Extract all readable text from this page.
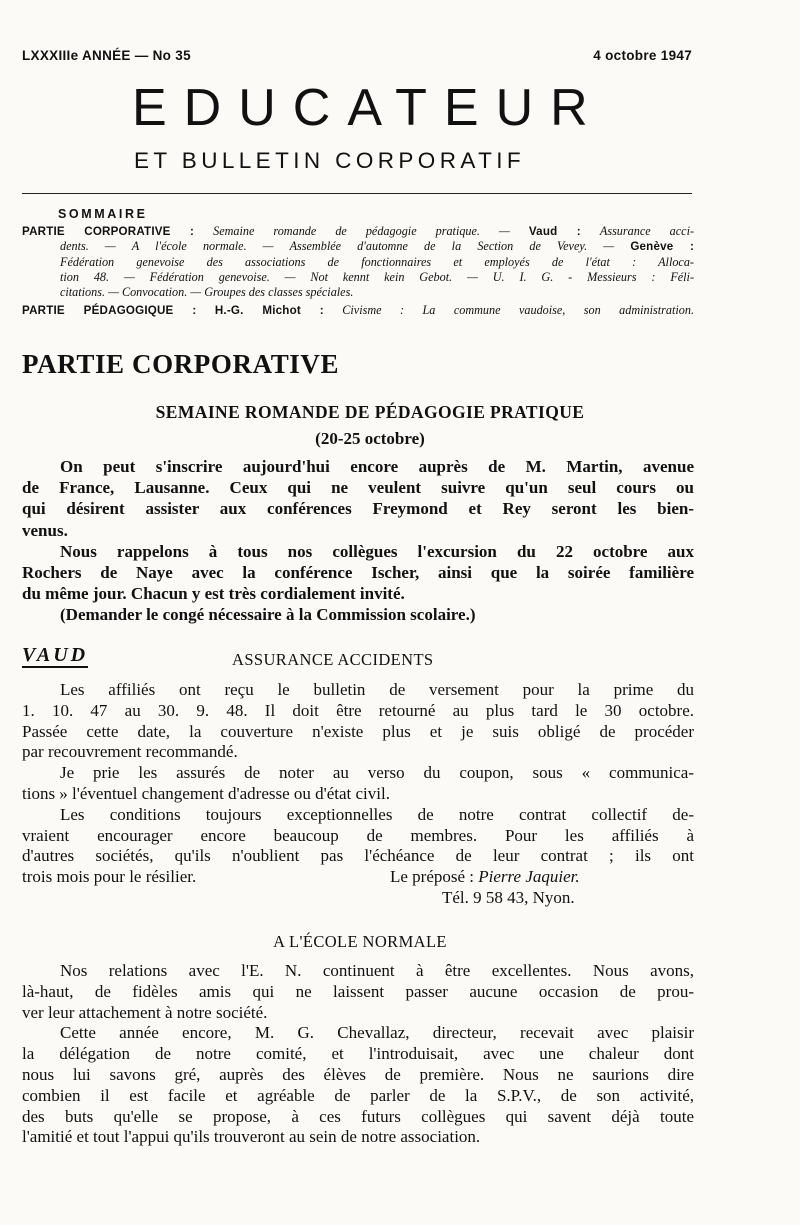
LXXXIIIe ANNÉE — No 35	4 octobre 1947
EDUCATEUR
ET BULLETIN CORPORATIF
SOMMAIRE

PARTIE CORPORATIVE : Semaine romande de pédagogie pratique. — Vaud : Assurance acci-

dents. — A l'école normale. — Assemblée d'automne de la Section de Vevey. — Genève :

Fédération genevoise des associations de fonctionnaires et employés de l'état : Alloca-

tion 48. — Fédération genevoise. — Not kennt kein Gebot. — U. I. G. - Messieurs : Féli-

citations. — Convocation. — Groupes des classes spéciales.

PARTIE PÉDAGOGIQUE : H.-G. Michot : Civisme : La commune vaudoise, son administration.

PARTIE CORPORATIVE
SEMAINE ROMANDE DE PÉDAGOGIE PRATIQUE
(20-25 octobre)

On peut s'inscrire aujourd'hui encore auprès de M. Martin, avenue

de France, Lausanne. Ceux qui ne veulent suivre qu'un seul cours ou

qui désirent assister aux conférences Freymond et Rey seront les bien-

venus.

Nous rappelons à tous nos collègues l'excursion du 22 octobre aux

Rochers de Naye avec la conférence Ischer, ainsi que la soirée familière

du même jour. Chacun y est très cordialement invité.

(Demander le congé nécessaire à la Commission scolaire.)

VAUD	ASSURANCE ACCIDENTS

Les affiliés ont reçu le bulletin de versement pour la prime du

1. 10. 47 au 30. 9. 48. Il doit être retourné au plus tard le 30 octobre.

Passée cette date, la couverture n'existe plus et je suis obligé de procéder

par recouvrement recommandé.

Je prie les assurés de noter au verso du coupon, sous « communica-

tions » l'éventuel changement d'adresse ou d'état civil.

Les conditions toujours exceptionnelles de notre contrat collectif de-

vraient encourager encore beaucoup de membres. Pour les affiliés à

d'autres sociétés, qu'ils n'oublient pas l'échéance de leur contrat ; ils ont

trois mois pour le résilier.	Le préposé : Pierre Jaquier.

Tél. 9 58 43, Nyon.

A L'ÉCOLE NORMALE

Nos relations avec l'E. N. continuent à être excellentes. Nous avons,

là-haut, de fidèles amis qui ne laissent passer aucune occasion de prou-

ver leur attachement à notre société.

Cette année encore, M. G. Chevallaz, directeur, recevait avec plaisir

la délégation de notre comité, et l'introduisait, avec une chaleur dont

nous lui savons gré, auprès des élèves de première. Nous ne saurions dire

combien il est facile et agréable de parler de la S.P.V., de son activité,

des buts qu'elle se propose, à ces futurs collègues qui savent déjà toute

l'amitié et tout l'appui qu'ils trouveront au sein de notre association.
